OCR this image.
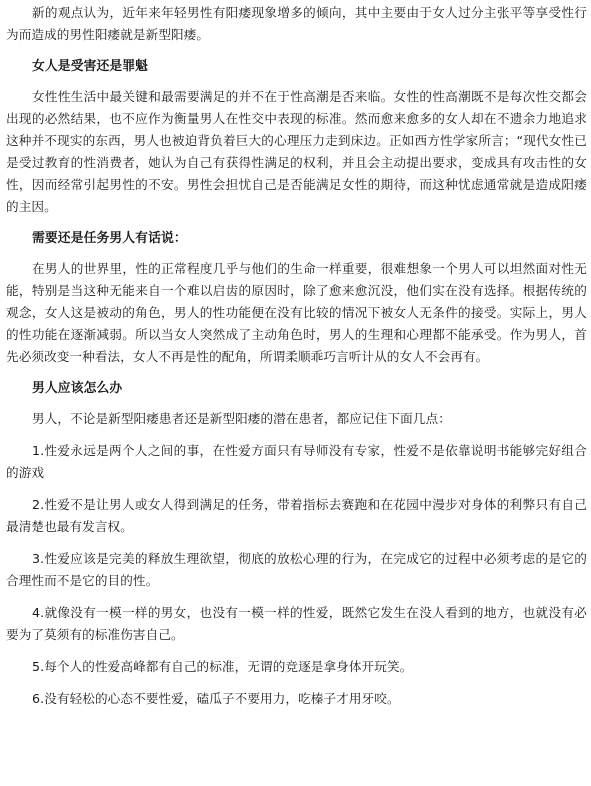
新的观点认为，近年来年轻男性有阳痿现象增多的倾向，其中主要由于女人过分主张平等享受性行为而造成的男性阳痿就是新型阳痿。

女人是受害还是罪魁

女性性生活中最关键和最需要满足的并不在于性高潮是否来临。女性的性高潮既不是每次性交都会出现的必然结果，也不应作为衡量男人在性交中表现的标准。然而愈来愈多的女人却在不遗余力地追求这种并不现实的东西，男人也被迫背负着巨大的心理压力走到床边。正如西方性学家所言；“现代女性已是受过教育的性消费者，她认为自己有获得性满足的权利，并且会主动提出要求，变成具有攻击性的女性，因而经常引起男性的不安。男性会担忧自己是否能满足女性的期待，而这种忧虑通常就是造成阳痿的主因。

需要还是任务男人有话说：

在男人的世界里，性的正常程度几乎与他们的生命一样重要，很难想象一个男人可以坦然面对性无能，特别是当这种无能来自一个难以启齿的原因时，除了愈来愈沉没，他们实在没有选择。根据传统的观念，女人这是被动的角色，男人的性功能便在没有比较的情况下被女人无条件的接受。实际上，男人的性功能在逐渐减弱。所以当女人突然成了主动角色时，男人的生理和心理都不能承受。作为男人，首先必须改变一种看法，女人不再是性的配角，所谓柔顺乖巧言听计从的女人不会再有。

男人应该怎么办

男人，不论是新型阳痿患者还是新型阳痿的潜在患者，都应记住下面几点：

1.性爱永远是两个人之间的事，在性爱方面只有导师没有专家，性爱不是依靠说明书能够完好组合的游戏

2.性爱不是让男人或女人得到满足的任务，带着指标去赛跑和在花园中漫步对身体的利弊只有自己最清楚也最有发言权。

3.性爱应该是完美的释放生理欲望，彻底的放松心理的行为，在完成它的过程中必须考虑的是它的合理性而不是它的目的性。

4.就像没有一模一样的男女，也没有一模一样的性爱，既然它发生在没人看到的地方，也就没有必要为了莫须有的标准伤害自己。

5.每个人的性爱高峰都有自己的标准，无谓的竞逐是拿身体开玩笑。

6.没有轻松的心态不要性爱，磕瓜子不要用力，吃榛子才用牙咬。
